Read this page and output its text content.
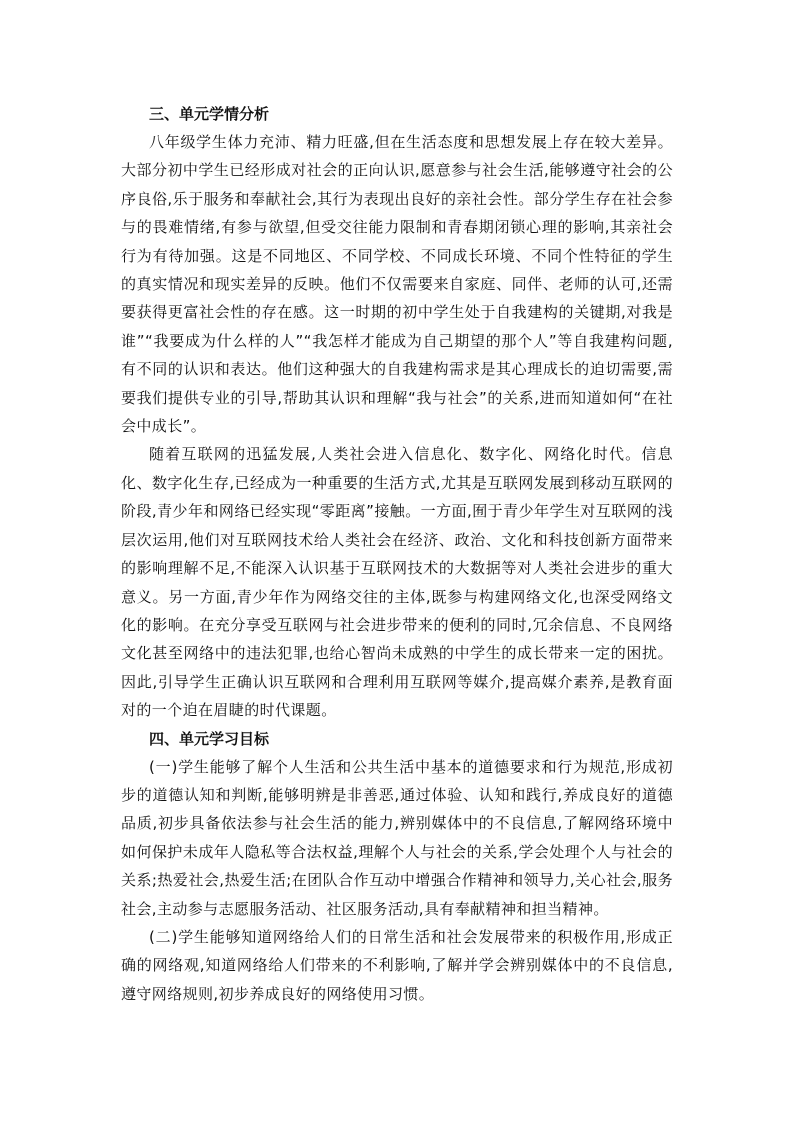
三、单元学情分析

八年级学生体力充沛、精力旺盛,但在生活态度和思想发展上存在较大差异。大部分初中学生已经形成对社会的正向认识,愿意参与社会生活,能够遵守社会的公序良俗,乐于服务和奉献社会,其行为表现出良好的亲社会性。部分学生存在社会参与的畏难情绪,有参与欲望,但受交往能力限制和青春期闭锁心理的影响,其亲社会行为有待加强。这是不同地区、不同学校、不同成长环境、不同个性特征的学生的真实情况和现实差异的反映。他们不仅需要来自家庭、同伴、老师的认可,还需要获得更富社会性的存在感。这一时期的初中学生处于自我建构的关键期,对我是谁”“我要成为什么样的人”“我怎样才能成为自己期望的那个人”等自我建构问题,有不同的认识和表达。他们这种强大的自我建构需求是其心理成长的迫切需要,需要我们提供专业的引导,帮助其认识和理解“我与社会”的关系,进而知道如何“在社会中成长”。

随着互联网的迅猛发展,人类社会进入信息化、数字化、网络化时代。信息化、数字化生存,已经成为一种重要的生活方式,尤其是互联网发展到移动互联网的阶段,青少年和网络已经实现“零距离”接触。一方面,囿于青少年学生对互联网的浅层次运用,他们对互联网技术给人类社会在经济、政治、文化和科技创新方面带来的影响理解不足,不能深入认识基于互联网技术的大数据等对人类社会进步的重大意义。另一方面,青少年作为网络交往的主体,既参与构建网络文化,也深受网络文化的影响。在充分享受互联网与社会进步带来的便利的同时,冗余信息、不良网络文化甚至网络中的违法犯罪,也给心智尚未成熟的中学生的成长带来一定的困扰。因此,引导学生正确认识互联网和合理利用互联网等媒介,提高媒介素养,是教育面对的一个迫在眉睫的时代课题。

四、单元学习目标

(一)学生能够了解个人生活和公共生活中基本的道德要求和行为规范,形成初步的道德认知和判断,能够明辨是非善恶,通过体验、认知和践行,养成良好的道德品质,初步具备依法参与社会生活的能力,辨别媒体中的不良信息,了解网络环境中如何保护未成年人隐私等合法权益,理解个人与社会的关系,学会处理个人与社会的关系;热爱社会,热爱生活;在团队合作互动中增强合作精神和领导力,关心社会,服务社会,主动参与志愿服务活动、社区服务活动,具有奉献精神和担当精神。

(二)学生能够知道网络给人们的日常生活和社会发展带来的积极作用,形成正确的网络观,知道网络给人们带来的不利影响,了解并学会辨别媒体中的不良信息,遵守网络规则,初步养成良好的网络使用习惯。
